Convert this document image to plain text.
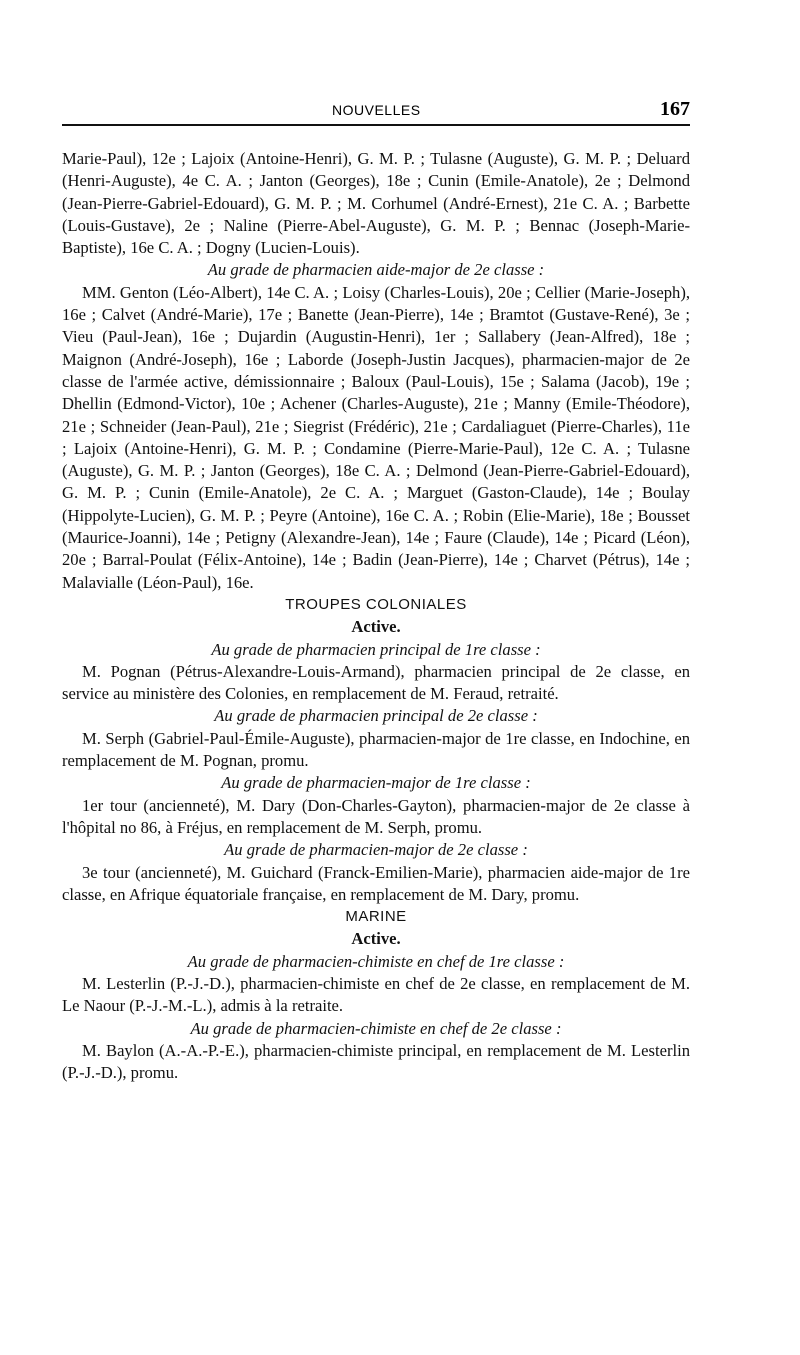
NOUVELLES	167

Marie-Paul), 12e ; Lajoix (Antoine-Henri), G. M. P. ; Tulasne (Auguste), G. M. P. ; Deluard (Henri-Auguste), 4e C. A. ; Janton (Georges), 18e ; Cunin (Emile-Anatole), 2e ; Delmond (Jean-Pierre-Gabriel-Edouard), G. M. P. ; M. Corhumel (André-Ernest), 21e C. A. ; Barbette (Louis-Gustave), 2e ; Naline (Pierre-Abel-Auguste), G. M. P. ; Bennac (Joseph-Marie-Baptiste), 16e C. A. ; Dogny (Lucien-Louis).

Au grade de pharmacien aide-major de 2e classe :

MM. Genton (Léo-Albert), 14e C. A. ; Loisy (Charles-Louis), 20e ; Cellier (Marie-Joseph), 16e ; Calvet (André-Marie), 17e ; Banette (Jean-Pierre), 14e ; Bramtot (Gustave-René), 3e ; Vieu (Paul-Jean), 16e ; Dujardin (Augustin-Henri), 1er ; Sallabery (Jean-Alfred), 18e ; Maignon (André-Joseph), 16e ; Laborde (Joseph-Justin Jacques), pharmacien-major de 2e classe de l'armée active, démissionnaire ; Baloux (Paul-Louis), 15e ; Salama (Jacob), 19e ; Dhellin (Edmond-Victor), 10e ; Achener (Charles-Auguste), 21e ; Manny (Emile-Théodore), 21e ; Schneider (Jean-Paul), 21e ; Siegrist (Frédéric), 21e ; Cardaliaguet (Pierre-Charles), 11e ; Lajoix (Antoine-Henri), G. M. P. ; Condamine (Pierre-Marie-Paul), 12e C. A. ; Tulasne (Auguste), G. M. P. ; Janton (Georges), 18e C. A. ; Delmond (Jean-Pierre-Gabriel-Edouard), G. M. P. ; Cunin (Emile-Anatole), 2e C. A. ; Marguet (Gaston-Claude), 14e ; Boulay (Hippolyte-Lucien), G. M. P. ; Peyre (Antoine), 16e C. A. ; Robin (Elie-Marie), 18e ; Bousset (Maurice-Joanni), 14e ; Petigny (Alexandre-Jean), 14e ; Faure (Claude), 14e ; Picard (Léon), 20e ; Barral-Poulat (Félix-Antoine), 14e ; Badin (Jean-Pierre), 14e ; Charvet (Pétrus), 14e ; Malavialle (Léon-Paul), 16e.

TROUPES COLONIALES

Active.

Au grade de pharmacien principal de 1re classe :

M. Pognan (Pétrus-Alexandre-Louis-Armand), pharmacien principal de 2e classe, en service au ministère des Colonies, en remplacement de M. Feraud, retraité.

Au grade de pharmacien principal de 2e classe :

M. Serph (Gabriel-Paul-Émile-Auguste), pharmacien-major de 1re classe, en Indochine, en remplacement de M. Pognan, promu.

Au grade de pharmacien-major de 1re classe :

1er tour (ancienneté), M. Dary (Don-Charles-Gayton), pharmacien-major de 2e classe à l'hôpital no 86, à Fréjus, en remplacement de M. Serph, promu.

Au grade de pharmacien-major de 2e classe :

3e tour (ancienneté), M. Guichard (Franck-Emilien-Marie), pharmacien aide-major de 1re classe, en Afrique équatoriale française, en remplacement de M. Dary, promu.

MARINE

Active.

Au grade de pharmacien-chimiste en chef de 1re classe :

M. Lesterlin (P.-J.-D.), pharmacien-chimiste en chef de 2e classe, en remplacement de M. Le Naour (P.-J.-M.-L.), admis à la retraite.

Au grade de pharmacien-chimiste en chef de 2e classe :

M. Baylon (A.-A.-P.-E.), pharmacien-chimiste principal, en remplacement de M. Lesterlin (P.-J.-D.), promu.
